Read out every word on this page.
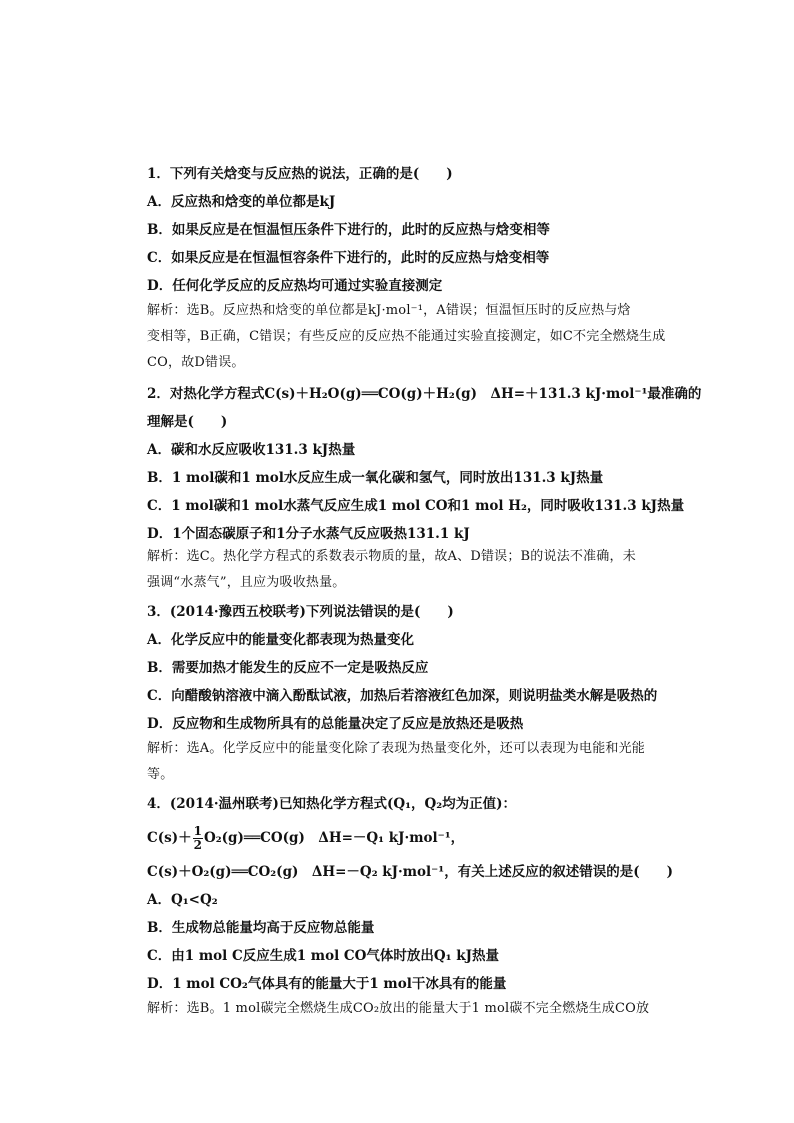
1．下列有关焓变与反应热的说法，正确的是(　　)
A．反应热和焓变的单位都是kJ
B．如果反应是在恒温恒压条件下进行的，此时的反应热与焓变相等
C．如果反应是在恒温恒容条件下进行的，此时的反应热与焓变相等
D．任何化学反应的反应热均可通过实验直接测定
解析：选B。反应热和焓变的单位都是kJ·mol⁻¹，A错误；恒温恒压时的反应热与焓
变相等，B正确，C错误；有些反应的反应热不能通过实验直接测定，如C不完全燃烧生成
CO，故D错误。
2．对热化学方程式C(s)＋H₂O(g)══CO(g)＋H₂(g)　ΔH=＋131.3 kJ·mol⁻¹最准确的
理解是(　　)
A．碳和水反应吸收131.3 kJ热量
B．1 mol碳和1 mol水反应生成一氧化碳和氢气，同时放出131.3 kJ热量
C．1 mol碳和1 mol水蒸气反应生成1 mol CO和1 mol H₂，同时吸收131.3 kJ热量
D．1个固态碳原子和1分子水蒸气反应吸热131.1 kJ
解析：选C。热化学方程式的系数表示物质的量，故A、D错误；B的说法不准确，未
强调“水蒸气”，且应为吸收热量。
3．(2014·豫西五校联考)下列说法错误的是(　　)
A．化学反应中的能量变化都表现为热量变化
B．需要加热才能发生的反应不一定是吸热反应
C．向醋酸钠溶液中滴入酚酞试液，加热后若溶液红色加深，则说明盐类水解是吸热的
D．反应物和生成物所具有的总能量决定了反应是放热还是吸热
解析：选A。化学反应中的能量变化除了表现为热量变化外，还可以表现为电能和光能
等。
4．(2014·温州联考)已知热化学方程式(Q₁，Q₂均为正值)：
$C(s)+ \frac{1}{2}$ O₂(g)══CO(g)　ΔH=－Q₁ kJ·mol⁻¹，
C(s)＋O₂(g)══CO₂(g)　ΔH=－Q₂ kJ·mol⁻¹，有关上述反应的叙述错误的是(　　)
A．Q₁<Q₂
B．生成物总能量均高于反应物总能量
C．由1 mol C反应生成1 mol CO气体时放出Q₁ kJ热量
D．1 mol CO₂气体具有的能量大于1 mol干冰具有的能量
解析：选B。1 mol碳完全燃烧生成CO₂放出的能量大于1 mol碳不完全燃烧生成CO放
